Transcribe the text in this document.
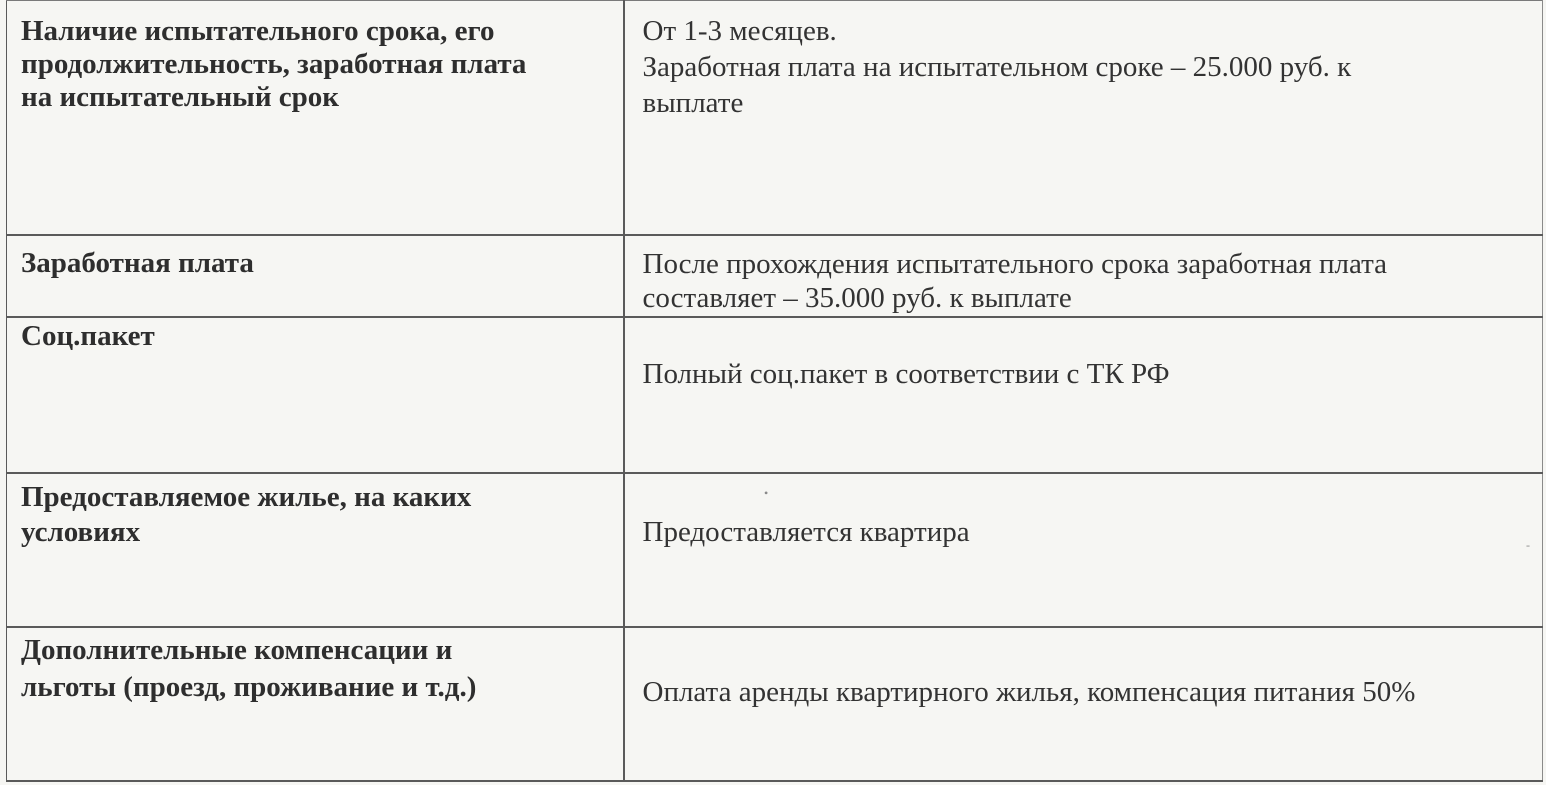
Наличие испытательного срока, его
продолжительность, заработная плата
на испытательный срок	От 1-3 месяцев.
Заработная плата на испытательном сроке – 25.000 руб. к
выплате

Заработная плата	После прохождения испытательного срока заработная плата
составляет – 35.000 руб. к выплате

Соц.пакет	Полный соц.пакет в соответствии с ТК РФ

Предоставляемое жилье, на каких
условиях	Предоставляется квартира

Дополнительные компенсации и
льготы (проезд, проживание и т.д.)	Оплата аренды квартирного жилья, компенсация питания 50%
•
-
